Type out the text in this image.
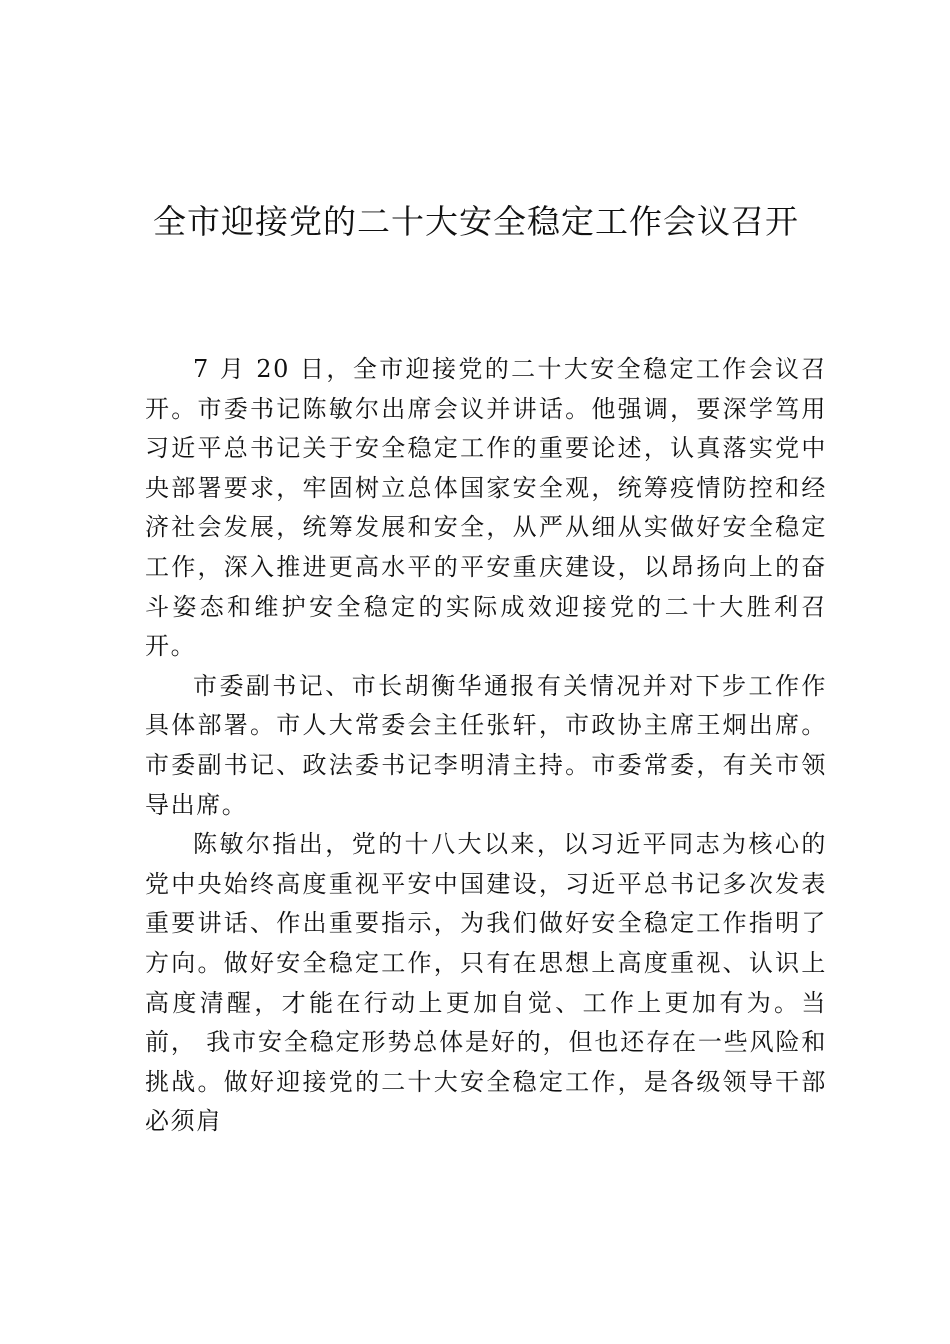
全市迎接党的二十大安全稳定工作会议召开

7 月 20 日，全市迎接党的二十大安全稳定工作会议召开。市委书记陈敏尔出席会议并讲话。他强调，要深学笃用习近平总书记关于安全稳定工作的重要论述，认真落实党中央部署要求，牢固树立总体国家安全观，统筹疫情防控和经济社会发展，统筹发展和安全，从严从细从实做好安全稳定工作，深入推进更高水平的平安重庆建设，以昂扬向上的奋斗姿态和维护安全稳定的实际成效迎接党的二十大胜利召开。

市委副书记、市长胡衡华通报有关情况并对下步工作作具体部署。市人大常委会主任张轩，市政协主席王炯出席。市委副书记、政法委书记李明清主持。市委常委，有关市领导出席。

陈敏尔指出，党的十八大以来，以习近平同志为核心的党中央始终高度重视平安中国建设，习近平总书记多次发表重要讲话、作出重要指示，为我们做好安全稳定工作指明了方向。做好安全稳定工作，只有在思想上高度重视、认识上高度清醒，才能在行动上更加自觉、工作上更加有为。当前， 我市安全稳定形势总体是好的，但也还存在一些风险和挑战。做好迎接党的二十大安全稳定工作，是各级领导干部必须肩
